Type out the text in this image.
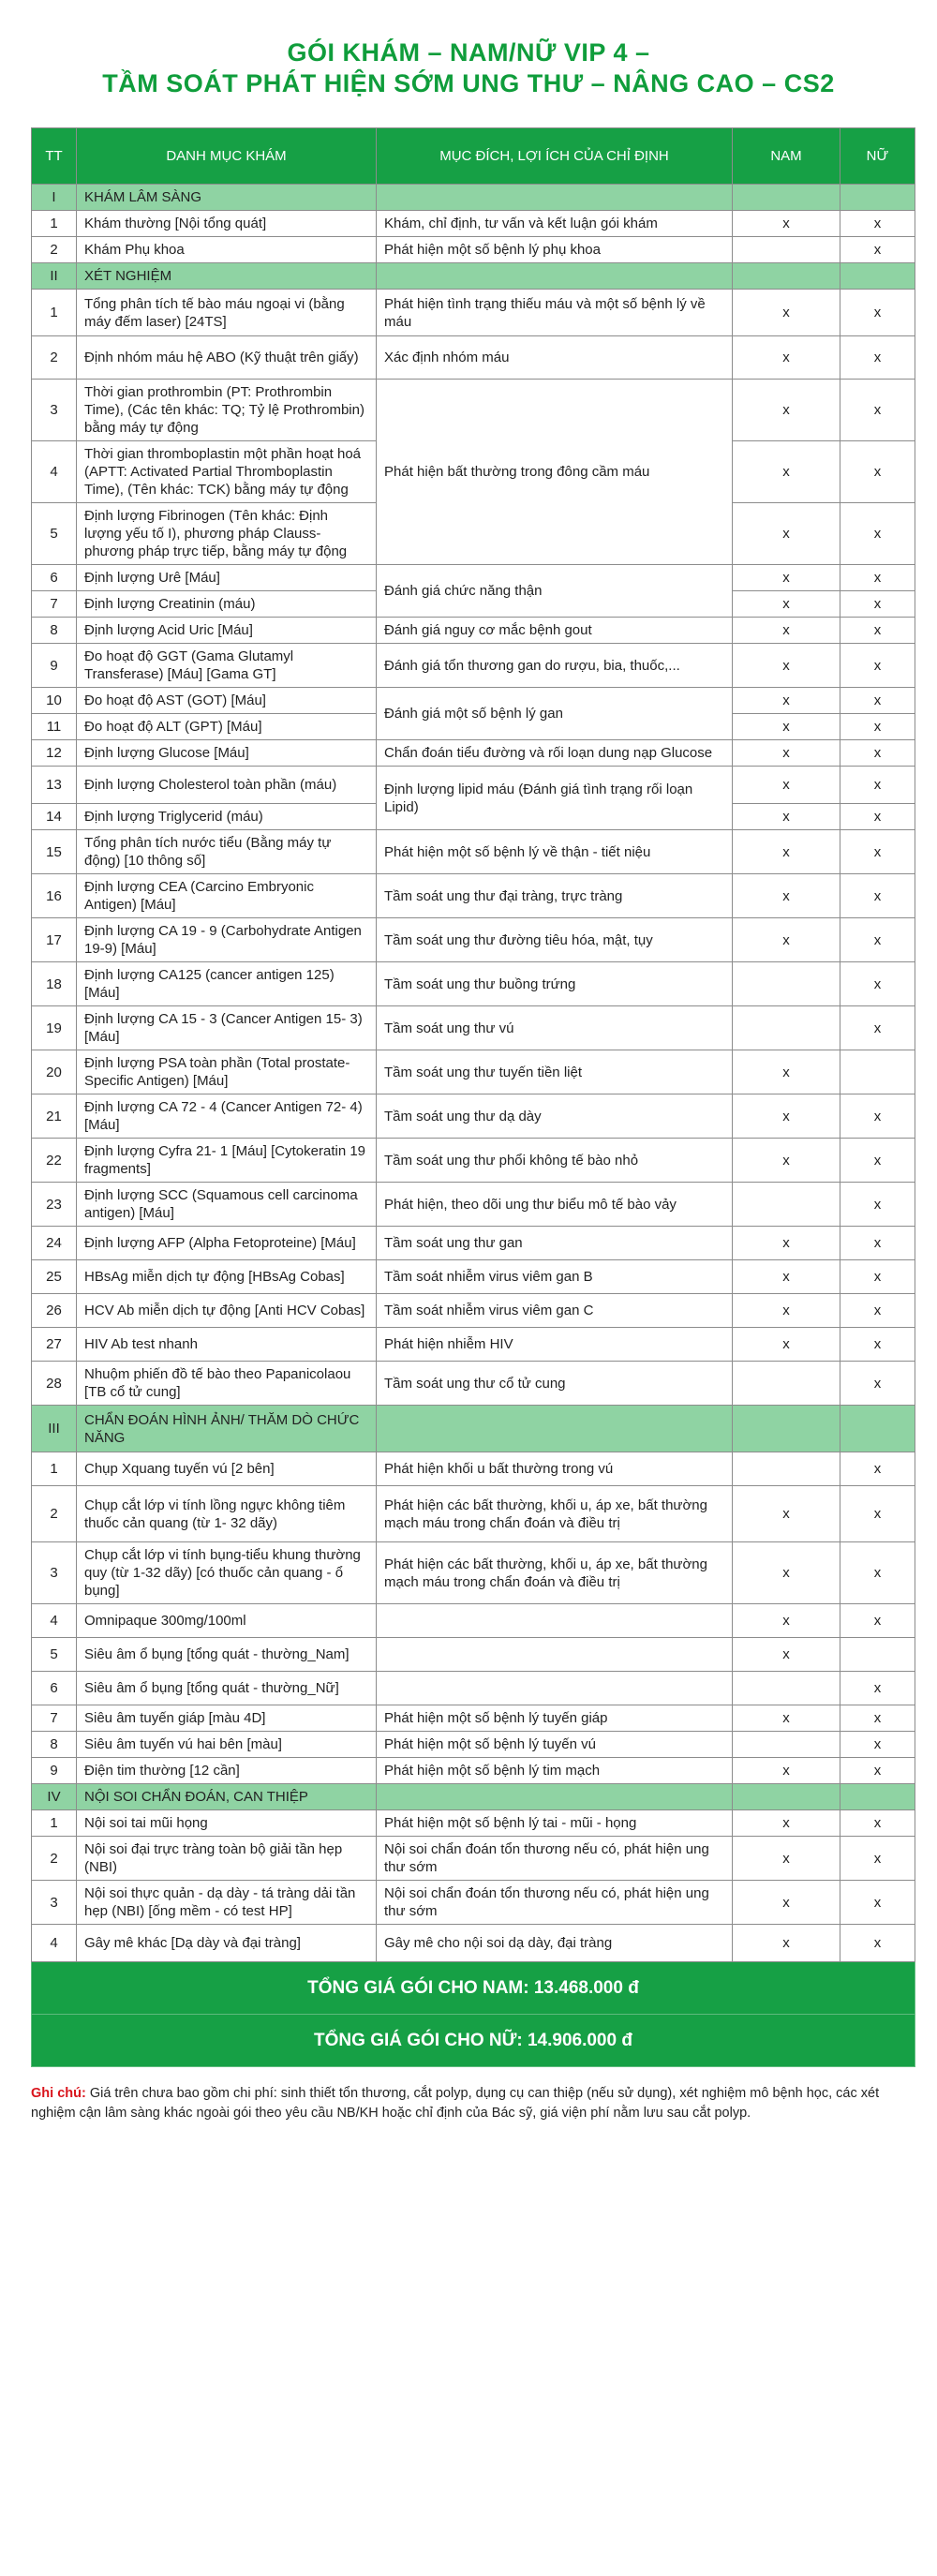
GÓI KHÁM – NAM/NỮ VIP 4 –
TẦM SOÁT PHÁT HIỆN SỚM UNG THƯ – NÂNG CAO – CS2
TT	DANH MỤC KHÁM	MỤC ĐÍCH, LỢI ÍCH CỦA CHỈ ĐỊNH	NAM	NỮ
I	KHÁM LÂM SÀNG			
1	Khám thường [Nội tổng quát]	Khám, chỉ định, tư vấn và kết luận gói khám	x	x
2	Khám Phụ khoa	Phát hiện một số bệnh lý phụ khoa		x
II	XÉT NGHIỆM			
1	Tổng phân tích tế bào máu ngoại vi (bằng máy đếm laser) [24TS]	Phát hiện tình trạng thiếu máu và một số bệnh lý về máu	x	x
2	Định nhóm máu hệ ABO (Kỹ thuật trên giấy)	Xác định nhóm máu	x	x
3	Thời gian prothrombin (PT: Prothrombin Time), (Các tên khác: TQ; Tỷ lệ Prothrombin) bằng máy tự động	Phát hiện bất thường trong đông cầm máu	x	x
4	Thời gian thromboplastin một phần hoạt hoá (APTT: Activated Partial Thromboplastin Time), (Tên khác: TCK) bằng máy tự động		x	x
5	Định lượng Fibrinogen (Tên khác: Định lượng yếu tố I), phương pháp Clauss- phương pháp trực tiếp, bằng máy tự động		x	x
6	Định lượng Urê [Máu]	Đánh giá chức năng thận	x	x
7	Định lượng Creatinin (máu)		x	x
8	Định lượng Acid Uric [Máu]	Đánh giá nguy cơ mắc bệnh gout	x	x
9	Đo hoạt độ GGT (Gama Glutamyl Transferase) [Máu] [Gama GT]	Đánh giá tổn thương gan do rượu, bia, thuốc,...	x	x
10	Đo hoạt độ AST (GOT) [Máu]	Đánh giá một số bệnh lý gan	x	x
11	Đo hoạt độ ALT (GPT) [Máu]		x	x
12	Định lượng Glucose [Máu]	Chẩn đoán tiểu đường và rối loạn dung nạp Glucose	x	x
13	Định lượng Cholesterol toàn phần (máu)	Định lượng lipid máu (Đánh giá tình trạng rối loạn Lipid)	x	x
14	Định lượng Triglycerid (máu)		x	x
15	Tổng phân tích nước tiểu (Bằng máy tự động) [10 thông số]	Phát hiện một số bệnh lý về thận - tiết niệu	x	x
16	Định lượng CEA (Carcino Embryonic Antigen) [Máu]	Tầm soát ung thư đại tràng, trực tràng	x	x
17	Định lượng CA 19 - 9 (Carbohydrate Antigen 19-9) [Máu]	Tầm soát ung thư đường tiêu hóa, mật, tụy	x	x
18	Định lượng CA125 (cancer antigen 125) [Máu]	Tầm soát ung thư buồng trứng		x
19	Định lượng CA 15 - 3 (Cancer Antigen 15- 3) [Máu]	Tầm soát ung thư vú		x
20	Định lượng PSA toàn phần (Total prostate-Specific Antigen) [Máu]	Tầm soát ung thư tuyến tiền liệt	x	
21	Định lượng CA 72 - 4 (Cancer Antigen 72- 4) [Máu]	Tầm soát ung thư dạ dày	x	x
22	Định lượng Cyfra 21- 1 [Máu] [Cytokeratin 19 fragments]	Tầm soát ung thư phổi không tế bào nhỏ	x	x
23	Định lượng SCC (Squamous cell carcinoma antigen) [Máu]	Phát hiện, theo dõi ung thư biểu mô tế bào vảy		x
24	Định lượng AFP (Alpha Fetoproteine) [Máu]	Tầm soát ung thư gan	x	x
25	HBsAg miễn dịch tự động [HBsAg Cobas]	Tầm soát nhiễm virus viêm gan B	x	x
26	HCV Ab miễn dịch tự động [Anti HCV Cobas]	Tầm soát nhiễm virus viêm gan C	x	x
27	HIV Ab test nhanh	Phát hiện nhiễm HIV	x	x
28	Nhuộm phiến đồ tế bào theo Papanicolaou [TB cổ tử cung]	Tầm soát ung thư cổ tử cung		x
III	CHẨN ĐOÁN HÌNH ẢNH/ THĂM DÒ CHỨC NĂNG			
1	Chụp Xquang tuyến vú [2 bên]	Phát hiện khối u bất thường trong vú		x
2	Chụp cắt lớp vi tính lồng ngực không tiêm thuốc cản quang (từ 1- 32 dãy)	Phát hiện các bất thường, khối u, áp xe, bất thường mạch máu trong chẩn đoán và điều trị	x	x
3	Chụp cắt lớp vi tính bụng-tiểu khung thường quy (từ 1-32 dãy) [có thuốc cản quang - ổ bụng]	Phát hiện các bất thường, khối u, áp xe, bất thường mạch máu trong chẩn đoán và điều trị	x	x
4	Omnipaque 300mg/100ml		x	x
5	Siêu âm ổ bụng [tổng quát - thường_Nam]		x	
6	Siêu âm ổ bụng [tổng quát - thường_Nữ]			x
7	Siêu âm tuyến giáp [màu 4D]	Phát hiện một số bệnh lý tuyến giáp	x	x
8	Siêu âm tuyến vú hai bên [màu]	Phát hiện một số bệnh lý tuyến vú		x
9	Điện tim thường [12 cần]	Phát hiện một số bệnh lý tim mạch	x	x
IV	NỘI SOI CHẨN ĐOÁN, CAN THIỆP			
1	Nội soi tai mũi họng	Phát hiện một số bệnh lý tai - mũi - họng	x	x
2	Nội soi đại trực tràng toàn bộ giải tần hẹp (NBI)	Nội soi chẩn đoán tổn thương nếu có, phát hiện ung thư sớm	x	x
3	Nội soi thực quản - dạ dày - tá tràng dải tần hẹp (NBI) [ống mềm - có test HP]	Nội soi chẩn đoán tổn thương nếu có, phát hiện ung thư sớm	x	x
4	Gây mê khác [Dạ dày và đại tràng]	Gây mê cho nội soi dạ dày, đại tràng	x	x
TỔNG GIÁ GÓI CHO NAM: 13.468.000 đ				
TỔNG GIÁ GÓI CHO NỮ: 14.906.000 đ				
Ghi chú: Giá trên chưa bao gồm chi phí: sinh thiết tổn thương, cắt polyp, dụng cụ can thiệp (nếu sử dụng), xét nghiệm mô bệnh học, các xét nghiệm cận lâm sàng khác ngoài gói theo yêu cầu NB/KH hoặc chỉ định của Bác sỹ, giá viện phí nằm lưu sau cắt polyp.
